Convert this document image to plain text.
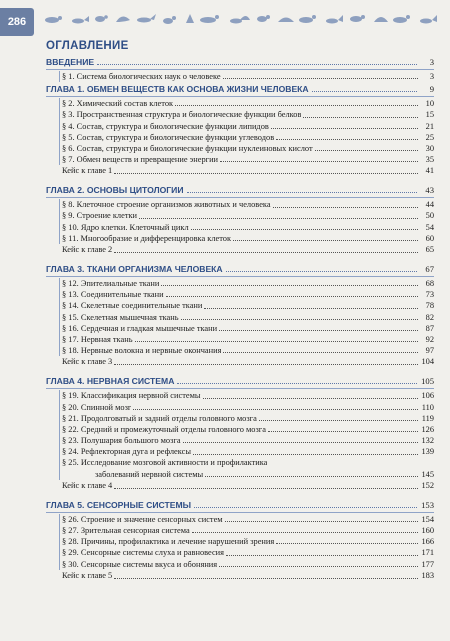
286
ОГЛАВЛЕНИЕ
ВВЕДЕНИЕ	3
§ 1. Система биологических наук о человеке	3
ГЛАВА 1. ОБМЕН ВЕЩЕСТВ КАК ОСНОВА ЖИЗНИ ЧЕЛОВЕКА	9
§ 2. Химический состав клеток	10
§ 3. Пространственная структура и биологические функции белков	15
§ 4. Состав, структура и биологические функции липидов	21
§ 5. Состав, структура и биологические функции углеводов	25
§ 6. Состав, структура и биологические функции нуклеиновых кислот	30
§ 7. Обмен веществ и превращение энергии	35
Кейс к главе 1	41
ГЛАВА 2. ОСНОВЫ ЦИТОЛОГИИ	43
§ 8. Клеточное строение организмов животных и человека	44
§ 9. Строение клетки	50
§ 10. Ядро клетки. Клеточный цикл	54
§ 11. Многообразие и дифференцировка клеток	60
Кейс к главе 2	65
ГЛАВА 3. ТКАНИ ОРГАНИЗМА ЧЕЛОВЕКА	67
§ 12. Эпителиальные ткани	68
§ 13. Соединительные ткани	73
§ 14. Скелетные соединительные ткани	78
§ 15. Скелетная мышечная ткань	82
§ 16. Сердечная и гладкая мышечные ткани	87
§ 17. Нервная ткань	92
§ 18. Нервные волокна и нервные окончания	97
Кейс к главе 3	104
ГЛАВА 4. НЕРВНАЯ СИСТЕМА	105
§ 19. Классификация нервной системы	106
§ 20. Спинной мозг	110
§ 21. Продолговатый и задний отделы головного мозга	119
§ 22. Средний и промежуточный отделы головного мозга	126
§ 23. Полушария большого мозга	132
§ 24. Рефлекторная дуга и рефлексы	139
§ 25. Исследование мозговой активности и профилактика
заболеваний нервной системы	145
Кейс к главе 4	152
ГЛАВА 5. СЕНСОРНЫЕ СИСТЕМЫ	153
§ 26. Строение и значение сенсорных систем	154
§ 27. Зрительная сенсорная система	160
§ 28. Причины, профилактика и лечение нарушений зрения	166
§ 29. Сенсорные системы слуха и равновесия	171
§ 30. Сенсорные системы вкуса и обоняния	177
Кейс к главе 5	183
